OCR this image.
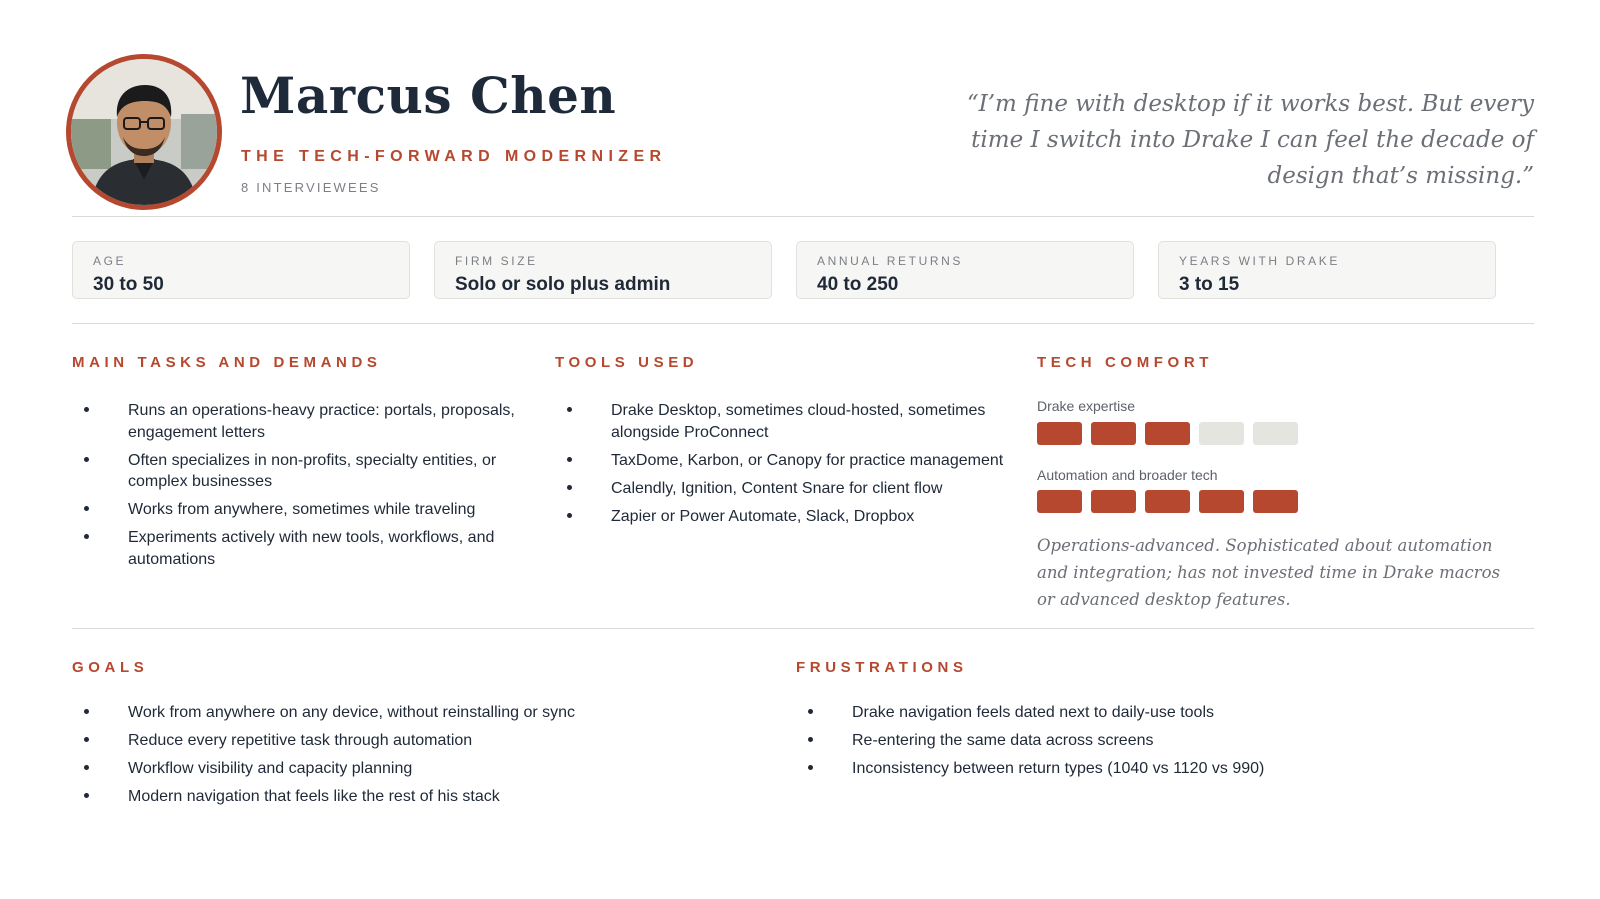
Marcus Chen
THE TECH-FORWARD MODERNIZER
8 INTERVIEWEES
“I’m fine with desktop if it works best. But every time I switch into Drake I can feel the decade of design that’s missing.”
AGE
30 to 50
FIRM SIZE
Solo or solo plus admin
ANNUAL RETURNS
40 to 250
YEARS WITH DRAKE
3 to 15
MAIN TASKS AND DEMANDS
Runs an operations-heavy practice: portals, proposals, engagement letters
Often specializes in non-profits, specialty entities, or complex businesses
Works from anywhere, sometimes while traveling
Experiments actively with new tools, workflows, and automations
TOOLS USED
Drake Desktop, sometimes cloud-hosted, sometimes alongside ProConnect
TaxDome, Karbon, or Canopy for practice management
Calendly, Ignition, Content Snare for client flow
Zapier or Power Automate, Slack, Dropbox
TECH COMFORT
Drake expertise
Automation and broader tech
Operations-advanced. Sophisticated about automation and integration; has not invested time in Drake macros or advanced desktop features.
GOALS
Work from anywhere on any device, without reinstalling or sync
Reduce every repetitive task through automation
Workflow visibility and capacity planning
Modern navigation that feels like the rest of his stack
FRUSTRATIONS
Drake navigation feels dated next to daily-use tools
Re-entering the same data across screens
Inconsistency between return types (1040 vs 1120 vs 990)
